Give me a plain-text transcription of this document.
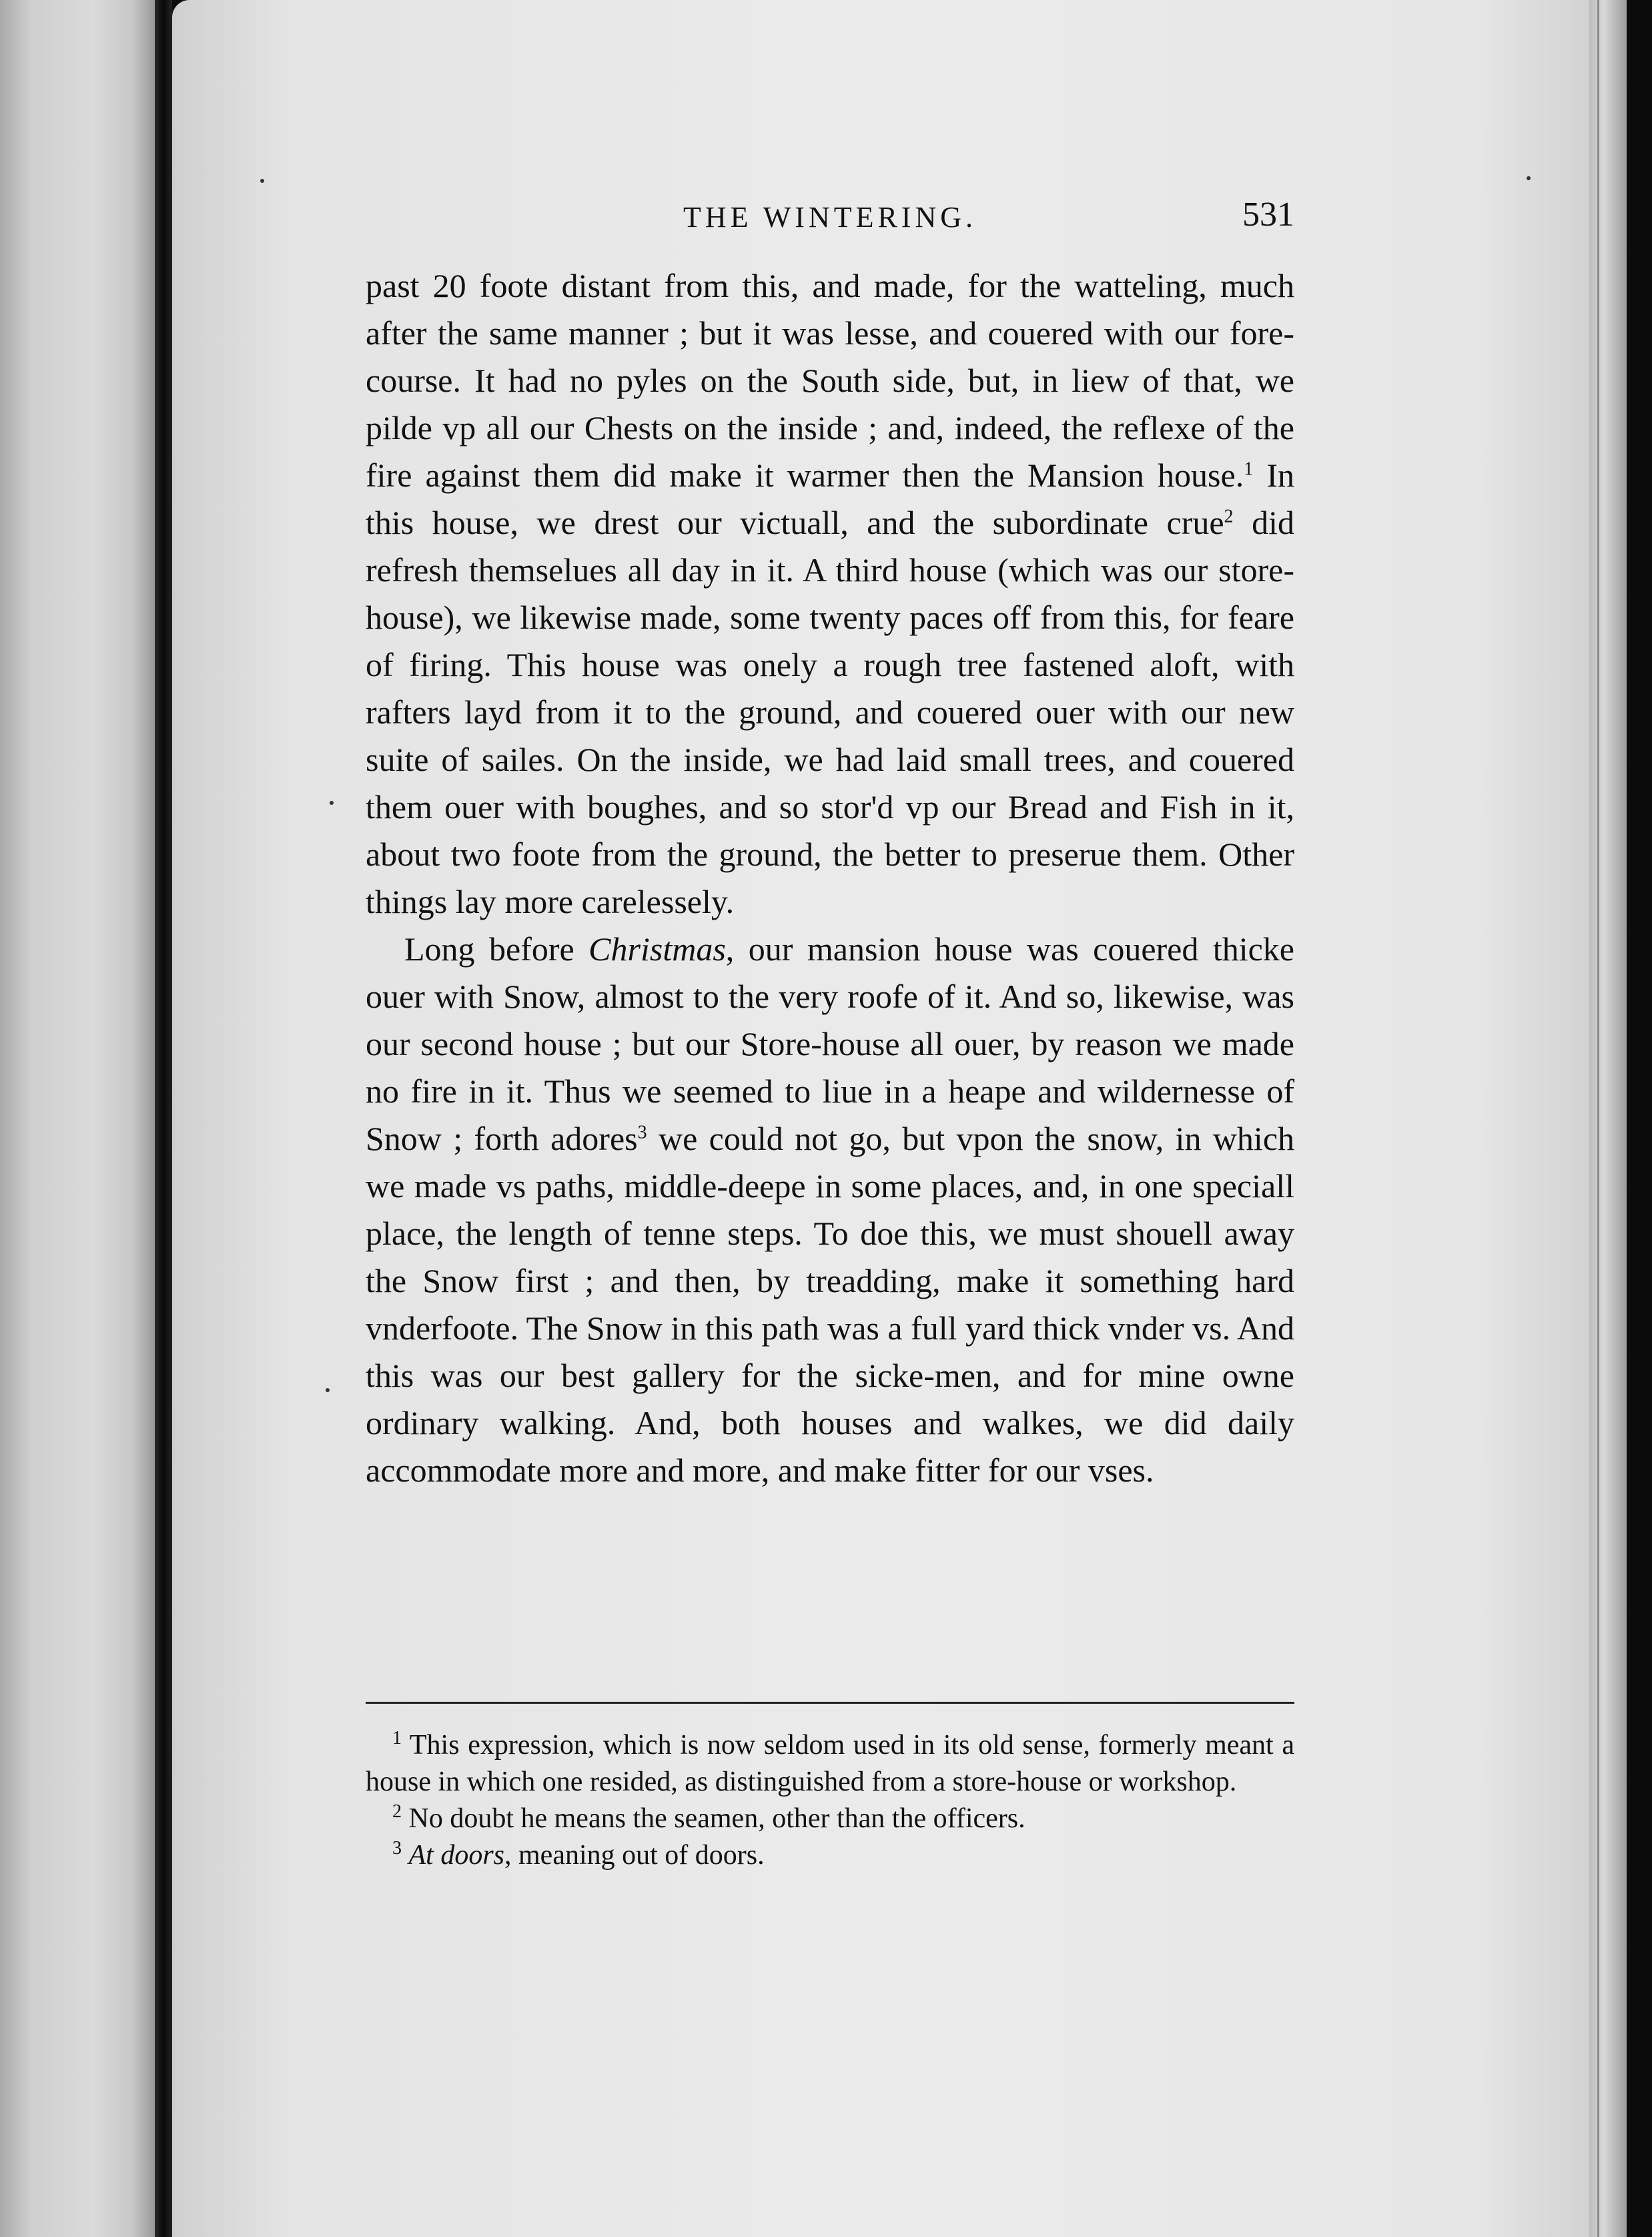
THE WINTERING.	531

past 20 foote distant from this, and made, for the watteling, much after the same manner ; but it was lesse, and couered with our fore-course. It had no pyles on the South side, but, in liew of that, we pilde vp all our Chests on the inside ; and, indeed, the reflexe of the fire against them did make it warmer then the Mansion house.$^1$ In this house, we drest our victuall, and the subordinate crue$^2$ did refresh themselues all day in it. A third house (which was our store-house), we likewise made, some twenty paces off from this, for feare of firing. This house was onely a rough tree fastened aloft, with rafters layd from it to the ground, and couered ouer with our new suite of sailes. On the inside, we had laid small trees, and couered them ouer with boughes, and so stor'd vp our Bread and Fish in it, about two foote from the ground, the better to preserue them. Other things lay more carelessely.

Long before Christmas, our mansion house was couered thicke ouer with Snow, almost to the very roofe of it. And so, likewise, was our second house ; but our Store-house all ouer, by reason we made no fire in it. Thus we seemed to liue in a heape and wildernesse of Snow ; forth adores$^3$ we could not go, but vpon the snow, in which we made vs paths, middle-deepe in some places, and, in one speciall place, the length of tenne steps. To doe this, we must shouell away the Snow first ; and then, by treadding, make it something hard vnderfoote. The Snow in this path was a full yard thick vnder vs. And this was our best gallery for the sicke-men, and for mine owne ordinary walking. And, both houses and walkes, we did daily accommodate more and more, and make fitter for our vses.

$^1$ This expression, which is now seldom used in its old sense, formerly meant a house in which one resided, as distinguished from a store-house or workshop.

$^2$ No doubt he means the seamen, other than the officers.

$^3$ At doors, meaning out of doors.
